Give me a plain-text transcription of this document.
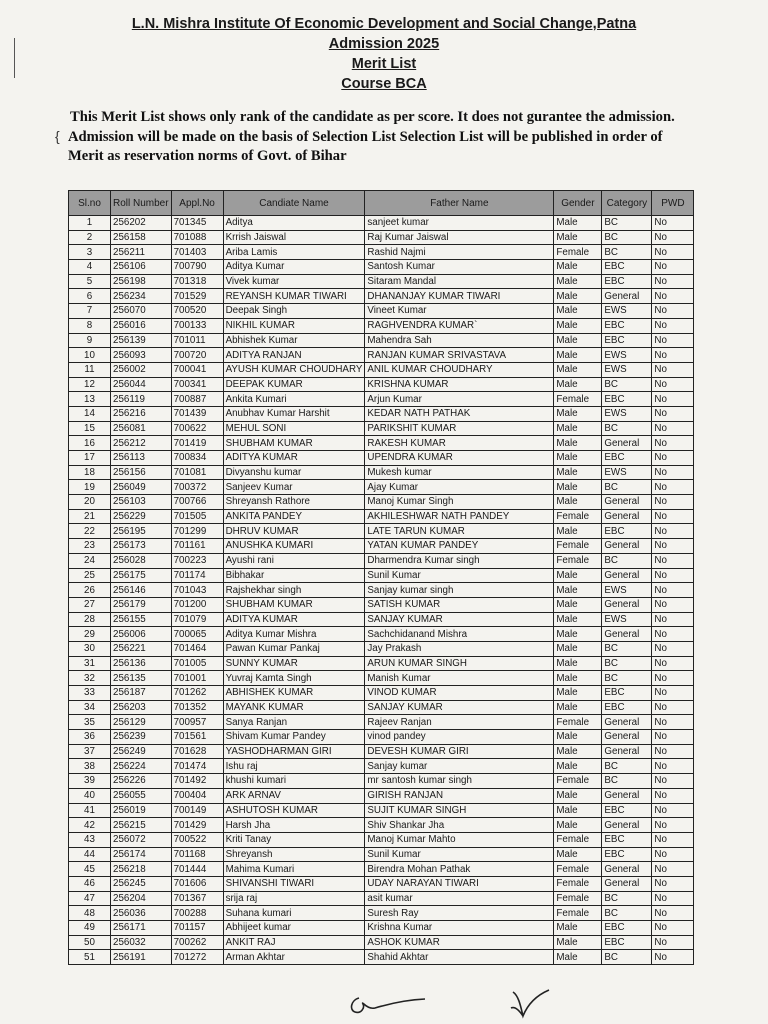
L.N. Mishra Institute Of Economic Development and Social Change,Patna
Admission 2025
Merit List
Course BCA
{
This Merit List shows only rank of the candidate as per score. It does not gurantee the admission.
Admission will be made on the basis of Selection List Selection List will be published in order of
Merit as reservation norms of Govt. of Bihar
Sl.no	Roll Number	Appl.No	Candiate Name	Father Name	Gender	Category	PWD
1	256202	701345	Aditya	sanjeet kumar	Male	BC	No
2	256158	701088	Krrish Jaiswal	Raj Kumar Jaiswal	Male	BC	No
3	256211	701403	Ariba Lamis	Rashid Najmi	Female	BC	No
4	256106	700790	Aditya Kumar	Santosh Kumar	Male	EBC	No
5	256198	701318	Vivek kumar	Sitaram Mandal	Male	EBC	No
6	256234	701529	REYANSH KUMAR TIWARI	DHANANJAY KUMAR TIWARI	Male	General	No
7	256070	700520	Deepak Singh	Vineet Kumar	Male	EWS	No
8	256016	700133	NIKHIL KUMAR	RAGHVENDRA KUMAR`	Male	EBC	No
9	256139	701011	Abhishek Kumar	Mahendra Sah	Male	EBC	No
10	256093	700720	ADITYA RANJAN	RANJAN KUMAR SRIVASTAVA	Male	EWS	No
11	256002	700041	AYUSH KUMAR CHOUDHARY	ANIL KUMAR CHOUDHARY	Male	EWS	No
12	256044	700341	DEEPAK KUMAR	KRISHNA KUMAR	Male	BC	No
13	256119	700887	Ankita Kumari	Arjun Kumar	Female	EBC	No
14	256216	701439	Anubhav Kumar Harshit	KEDAR NATH PATHAK	Male	EWS	No
15	256081	700622	MEHUL SONI	PARIKSHIT KUMAR	Male	BC	No
16	256212	701419	SHUBHAM KUMAR	RAKESH KUMAR	Male	General	No
17	256113	700834	ADITYA KUMAR	UPENDRA KUMAR	Male	EBC	No
18	256156	701081	Divyanshu kumar	Mukesh kumar	Male	EWS	No
19	256049	700372	Sanjeev Kumar	Ajay Kumar	Male	BC	No
20	256103	700766	Shreyansh Rathore	Manoj Kumar Singh	Male	General	No
21	256229	701505	ANKITA PANDEY	AKHILESHWAR NATH PANDEY	Female	General	No
22	256195	701299	DHRUV KUMAR	LATE TARUN KUMAR	Male	EBC	No
23	256173	701161	ANUSHKA KUMARI	YATAN KUMAR PANDEY	Female	General	No
24	256028	700223	Ayushi rani	Dharmendra Kumar singh	Female	BC	No
25	256175	701174	Bibhakar	Sunil Kumar	Male	General	No
26	256146	701043	Rajshekhar singh	Sanjay kumar singh	Male	EWS	No
27	256179	701200	SHUBHAM KUMAR	SATISH KUMAR	Male	General	No
28	256155	701079	ADITYA KUMAR	SANJAY KUMAR	Male	EWS	No
29	256006	700065	Aditya Kumar Mishra	Sachchidanand Mishra	Male	General	No
30	256221	701464	Pawan Kumar Pankaj	Jay Prakash	Male	BC	No
31	256136	701005	SUNNY KUMAR	ARUN KUMAR SINGH	Male	BC	No
32	256135	701001	Yuvraj Kamta Singh	Manish Kumar	Male	BC	No
33	256187	701262	ABHISHEK KUMAR	VINOD KUMAR	Male	EBC	No
34	256203	701352	MAYANK KUMAR	SANJAY KUMAR	Male	EBC	No
35	256129	700957	Sanya Ranjan	Rajeev Ranjan	Female	General	No
36	256239	701561	Shivam Kumar Pandey	vinod pandey	Male	General	No
37	256249	701628	YASHODHARMAN GIRI	DEVESH KUMAR GIRI	Male	General	No
38	256224	701474	Ishu raj	Sanjay kumar	Male	BC	No
39	256226	701492	khushi kumari	mr santosh kumar singh	Female	BC	No
40	256055	700404	ARK ARNAV	GIRISH RANJAN	Male	General	No
41	256019	700149	ASHUTOSH KUMAR	SUJIT KUMAR SINGH	Male	EBC	No
42	256215	701429	Harsh Jha	Shiv Shankar Jha	Male	General	No
43	256072	700522	Kriti Tanay	Manoj Kumar Mahto	Female	EBC	No
44	256174	701168	Shreyansh	Sunil Kumar	Male	EBC	No
45	256218	701444	Mahima Kumari	Birendra Mohan Pathak	Female	General	No
46	256245	701606	SHIVANSHI TIWARI	UDAY NARAYAN TIWARI	Female	General	No
47	256204	701367	srija raj	asit kumar	Female	BC	No
48	256036	700288	Suhana kumari	Suresh Ray	Female	BC	No
49	256171	701157	Abhijeet kumar	Krishna Kumar	Male	EBC	No
50	256032	700262	ANKIT RAJ	ASHOK KUMAR	Male	EBC	No
51	256191	701272	Arman Akhtar	Shahid Akhtar	Male	BC	No
